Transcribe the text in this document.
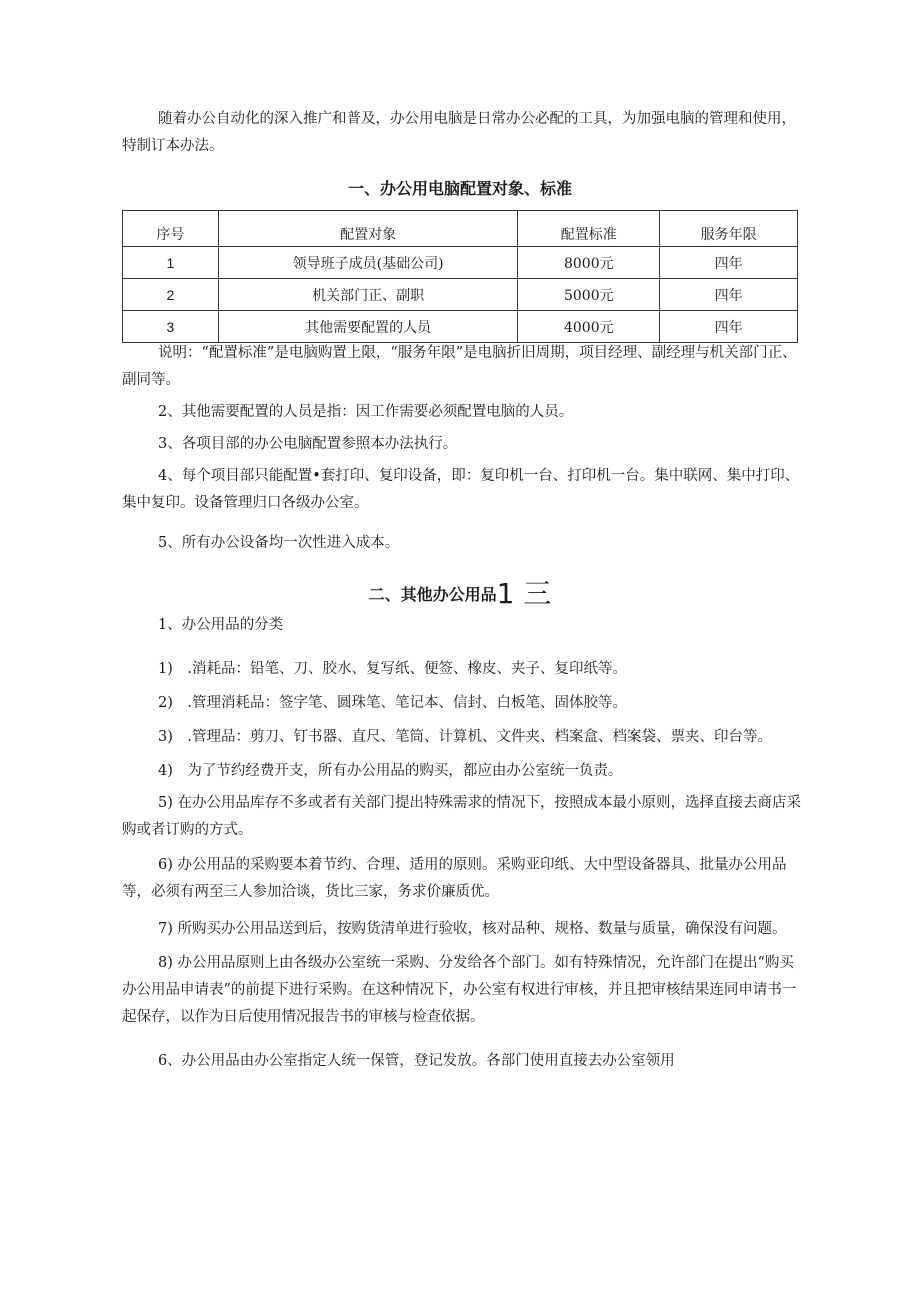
随着办公自动化的深入推广和普及，办公用电脑是日常办公必配的工具，为加强电脑的管理和使用，特制订本办法。

一、办公用电脑配置对象、标准
序号	配置对象	配置标准	服务年限
1	领导班子成员(基础公司)	8000元	四年
2	机关部门正、副职	5000元	四年
3	其他需要配置的人员	4000元	四年

说明：“配置标准”是电脑购置上限，“服务年限”是电脑折旧周期，项目经理、副经理与机关部门正、副同等。

2、其他需要配置的人员是指：因工作需要必须配置电脑的人员。

3、各项目部的办公电脑配置参照本办法执行。

4、每个项目部只能配置•套打印、复印设备，即：复印机一台、打印机一台。集中联网、集中打印、集中复印。设备管理归口各级办公室。

5、所有办公设备均一次性进入成本。

二、其他办公用品1 三

1、办公用品的分类

1)　.消耗品：铅笔、刀、胶水、复写纸、便签、橡皮、夹子、复印纸等。

2)　.管理消耗品：签字笔、圆珠笔、笔记本、信封、白板笔、固体胶等。

3)　.管理品：剪刀、钉书器、直尺、笔筒、计算机、文件夹、档案盒、档案袋、票夹、印台等。

4)　为了节约经费开支，所有办公用品的购买，都应由办公室统一负责。

5) 在办公用品库存不多或者有关部门提出特殊需求的情况下，按照成本最小原则，选择直接去商店采购或者订购的方式。

6) 办公用品的采购要本着节约、合理、适用的原则。采购亚印纸、大中型设备器具、批量办公用品等，必须有两至三人参加洽谈，货比三家，务求价廉质优。

7) 所购买办公用品送到后，按购货清单进行验收，核对品种、规格、数量与质量，确保没有问题。

8) 办公用品原则上由各级办公室统一采购、分发给各个部门。如有特殊情况，允许部门在提出“购买办公用品申请表”的前提下进行采购。在这种情况下，办公室有权进行审核，并且把审核结果连同申请书一起保存，以作为日后使用情况报告书的审核与检查依据。

6、办公用品由办公室指定人统一保管，登记发放。各部门使用直接去办公室领用
